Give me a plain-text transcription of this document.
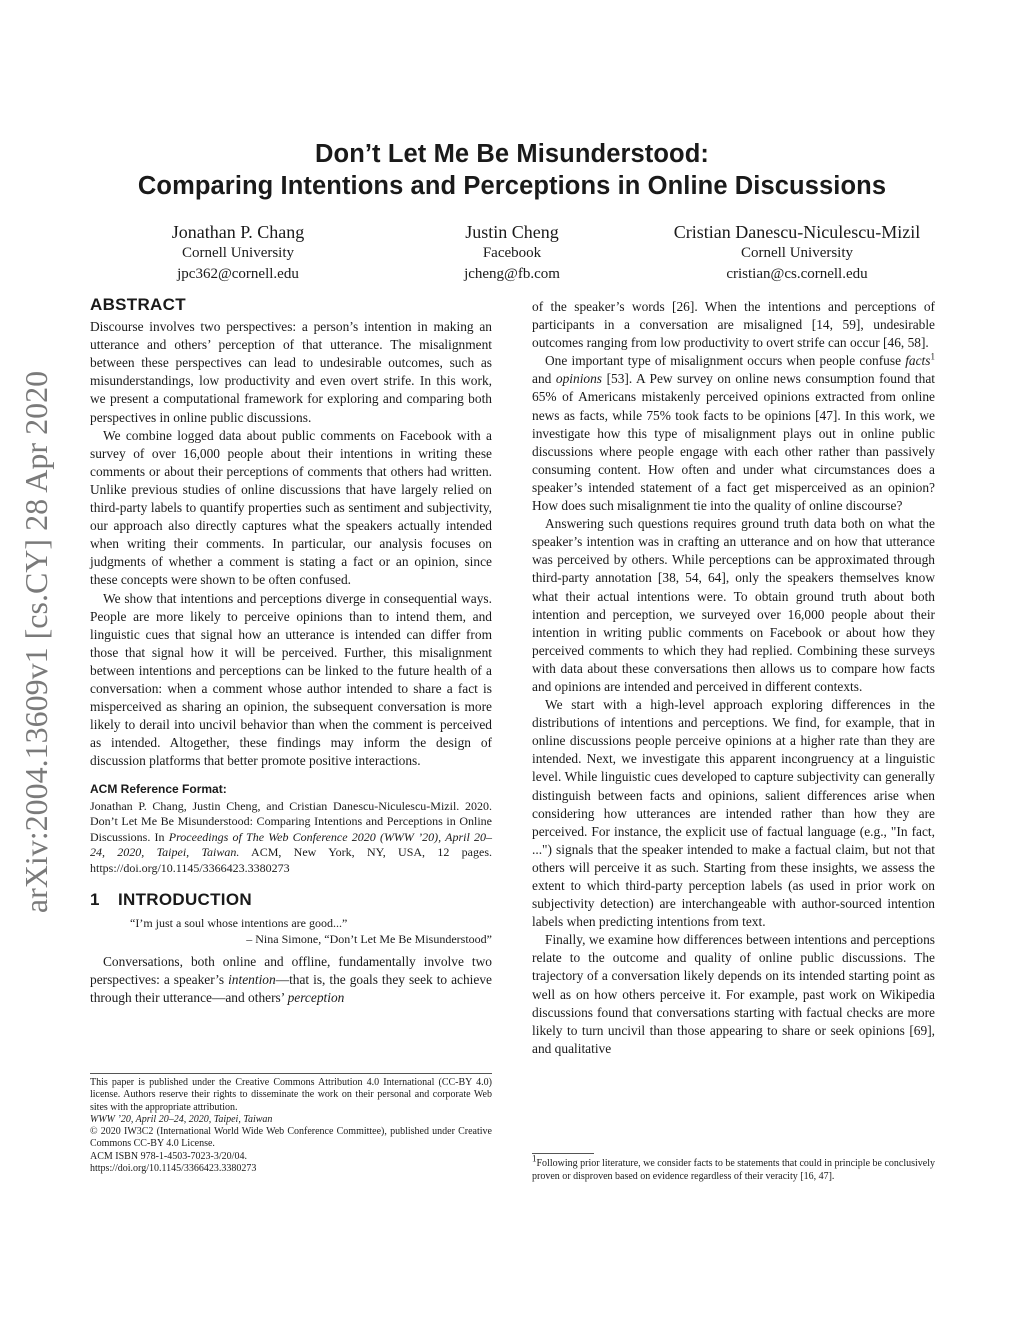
arXiv:2004.13609v1 [cs.CY] 28 Apr 2020
Don’t Let Me Be Misunderstood:
Comparing Intentions and Perceptions in Online Discussions
Jonathan P. Chang
Cornell University
jpc362@cornell.edu
Justin Cheng
Facebook
jcheng@fb.com
Cristian Danescu-Niculescu-Mizil
Cornell University
cristian@cs.cornell.edu
ABSTRACT

Discourse involves two perspectives: a person’s intention in making an utterance and others’ perception of that utterance. The misalignment between these perspectives can lead to undesirable outcomes, such as misunderstandings, low productivity and even overt strife. In this work, we present a computational framework for exploring and comparing both perspectives in online public discussions.

We combine logged data about public comments on Facebook with a survey of over 16,000 people about their intentions in writing these comments or about their perceptions of comments that others had written. Unlike previous studies of online discussions that have largely relied on third-party labels to quantify properties such as sentiment and subjectivity, our approach also directly captures what the speakers actually intended when writing their comments. In particular, our analysis focuses on judgments of whether a comment is stating a fact or an opinion, since these concepts were shown to be often confused.

We show that intentions and perceptions diverge in consequential ways. People are more likely to perceive opinions than to intend them, and linguistic cues that signal how an utterance is intended can differ from those that signal how it will be perceived. Further, this misalignment between intentions and perceptions can be linked to the future health of a conversation: when a comment whose author intended to share a fact is misperceived as sharing an opinion, the subsequent conversation is more likely to derail into uncivil behavior than when the comment is perceived as intended. Altogether, these findings may inform the design of discussion platforms that better promote positive interactions.

ACM Reference Format:

Jonathan P. Chang, Justin Cheng, and Cristian Danescu-Niculescu-Mizil. 2020. Don’t Let Me Be Misunderstood: Comparing Intentions and Perceptions in Online Discussions. In Proceedings of The Web Conference 2020 (WWW ’20), April 20–24, 2020, Taipei, Taiwan. ACM, New York, NY, USA, 12 pages. https://doi.org/10.1145/3366423.3380273

1 INTRODUCTION
“I’m just a soul whose intentions are good...”
– Nina Simone, “Don’t Let Me Be Misunderstood”

Conversations, both online and offline, fundamentally involve two perspectives: a speaker’s intention—that is, the goals they seek to achieve through their utterance—and others’ perception

This paper is published under the Creative Commons Attribution 4.0 International (CC-BY 4.0) license. Authors reserve their rights to disseminate the work on their personal and corporate Web sites with the appropriate attribution.

WWW ’20, April 20–24, 2020, Taipei, Taiwan

© 2020 IW3C2 (International World Wide Web Conference Committee), published under Creative Commons CC-BY 4.0 License.

ACM ISBN 978-1-4503-7023-3/20/04.

https://doi.org/10.1145/3366423.3380273

of the speaker’s words [26]. When the intentions and perceptions of participants in a conversation are misaligned [14, 59], undesirable outcomes ranging from low productivity to overt strife can occur [46, 58].

One important type of misalignment occurs when people confuse facts$^1$ and opinions [53]. A Pew survey on online news consumption found that 65% of Americans mistakenly perceived opinions extracted from online news as facts, while 75% took facts to be opinions [47]. In this work, we investigate how this type of misalignment plays out in online public discussions where people engage with each other rather than passively consuming content. How often and under what circumstances does a speaker’s intended statement of a fact get misperceived as an opinion? How does such misalignment tie into the quality of online discourse?

Answering such questions requires ground truth data both on what the speaker’s intention was in crafting an utterance and on how that utterance was perceived by others. While perceptions can be approximated through third-party annotation [38, 54, 64], only the speakers themselves know what their actual intentions were. To obtain ground truth about both intention and perception, we surveyed over 16,000 people about their intention in writing public comments on Facebook or about how they perceived comments to which they had replied. Combining these surveys with data about these conversations then allows us to compare how facts and opinions are intended and perceived in different contexts.

We start with a high-level approach exploring differences in the distributions of intentions and perceptions. We find, for example, that in online discussions people perceive opinions at a higher rate than they are intended. Next, we investigate this apparent incongruency at a linguistic level. While linguistic cues developed to capture subjectivity can generally distinguish between facts and opinions, salient differences arise when considering how utterances are intended rather than how they are perceived. For instance, the explicit use of factual language (e.g., "In fact, ...") signals that the speaker intended to make a factual claim, but not that others will perceive it as such. Starting from these insights, we assess the extent to which third-party perception labels (as used in prior work on subjectivity detection) are interchangeable with author-sourced intention labels when predicting intentions from text.

Finally, we examine how differences between intentions and perceptions relate to the outcome and quality of online public discussions. The trajectory of a conversation likely depends on its intended starting point as well as on how others perceive it. For example, past work on Wikipedia discussions found that conversations starting with factual checks are more likely to turn uncivil than those appearing to share or seek opinions [69], and qualitative

1Following prior literature, we consider facts to be statements that could in principle be conclusively proven or disproven based on evidence regardless of their veracity [16, 47].
